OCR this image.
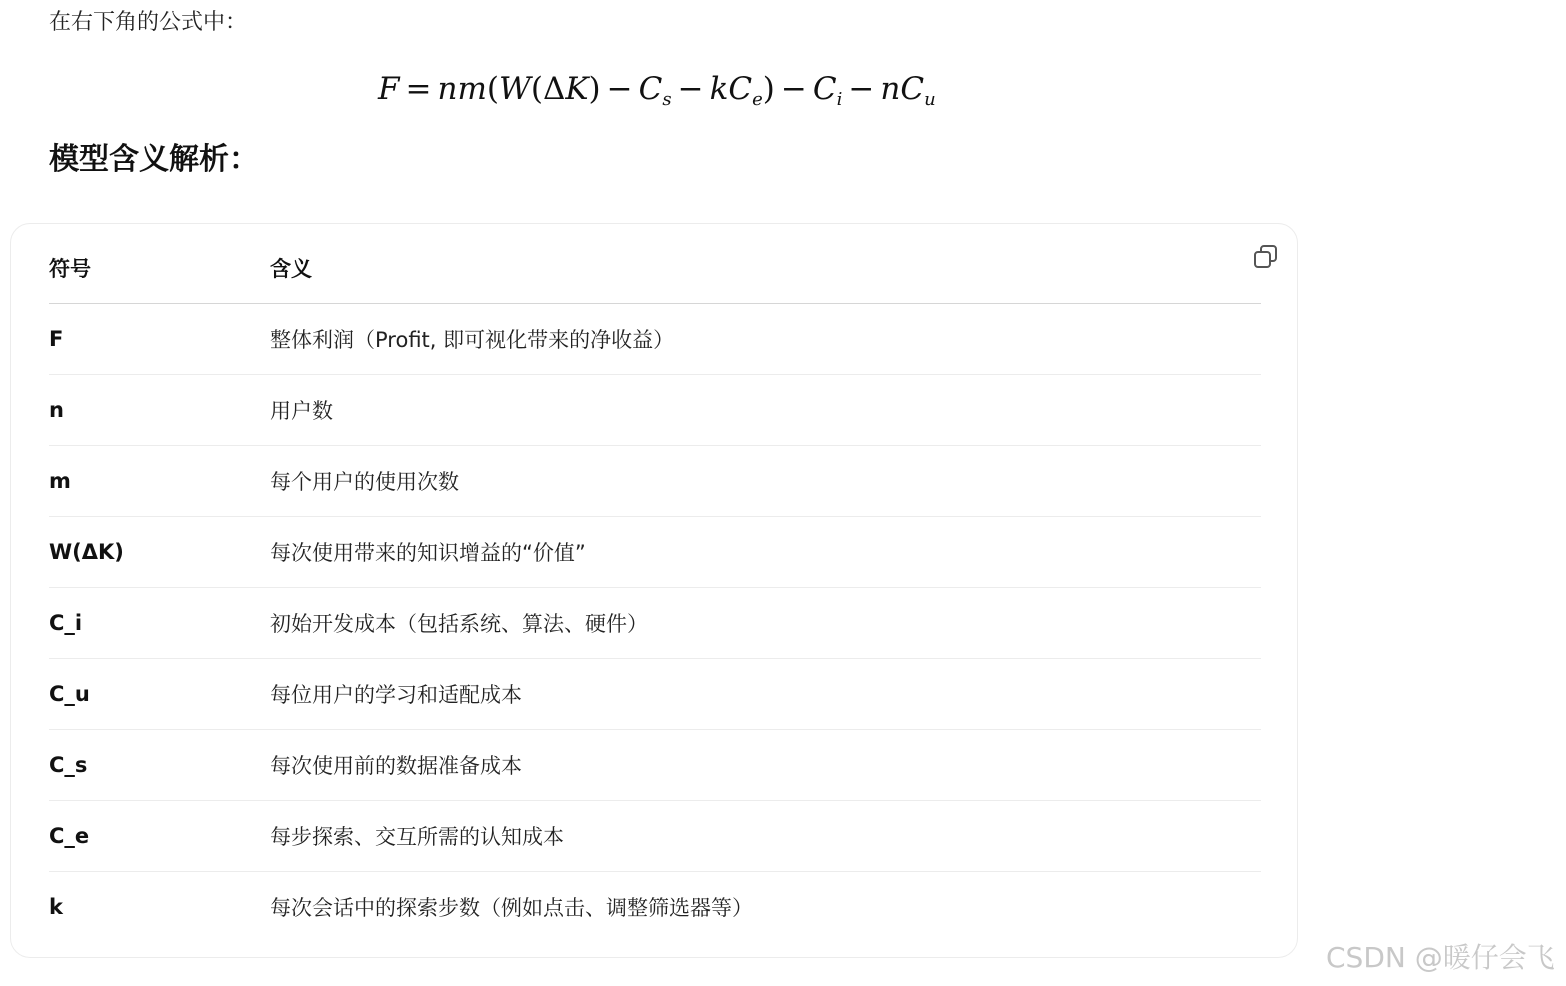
在右下角的公式中：
$F = nm(W(\Delta K) - C_s - kC_e) - C_i - nC_u$
模型含义解析：
符号	含义
F	整体利润（Profit, 即可视化带来的净收益）
n	用户数
m	每个用户的使用次数
W(ΔK)	每次使用带来的知识增益的“价值”
C_i	初始开发成本（包括系统、算法、硬件）
C_u	每位用户的学习和适配成本
C_s	每次使用前的数据准备成本
C_e	每步探索、交互所需的认知成本
k	每次会话中的探索步数（例如点击、调整筛选器等）
CSDN @暖仔会飞
